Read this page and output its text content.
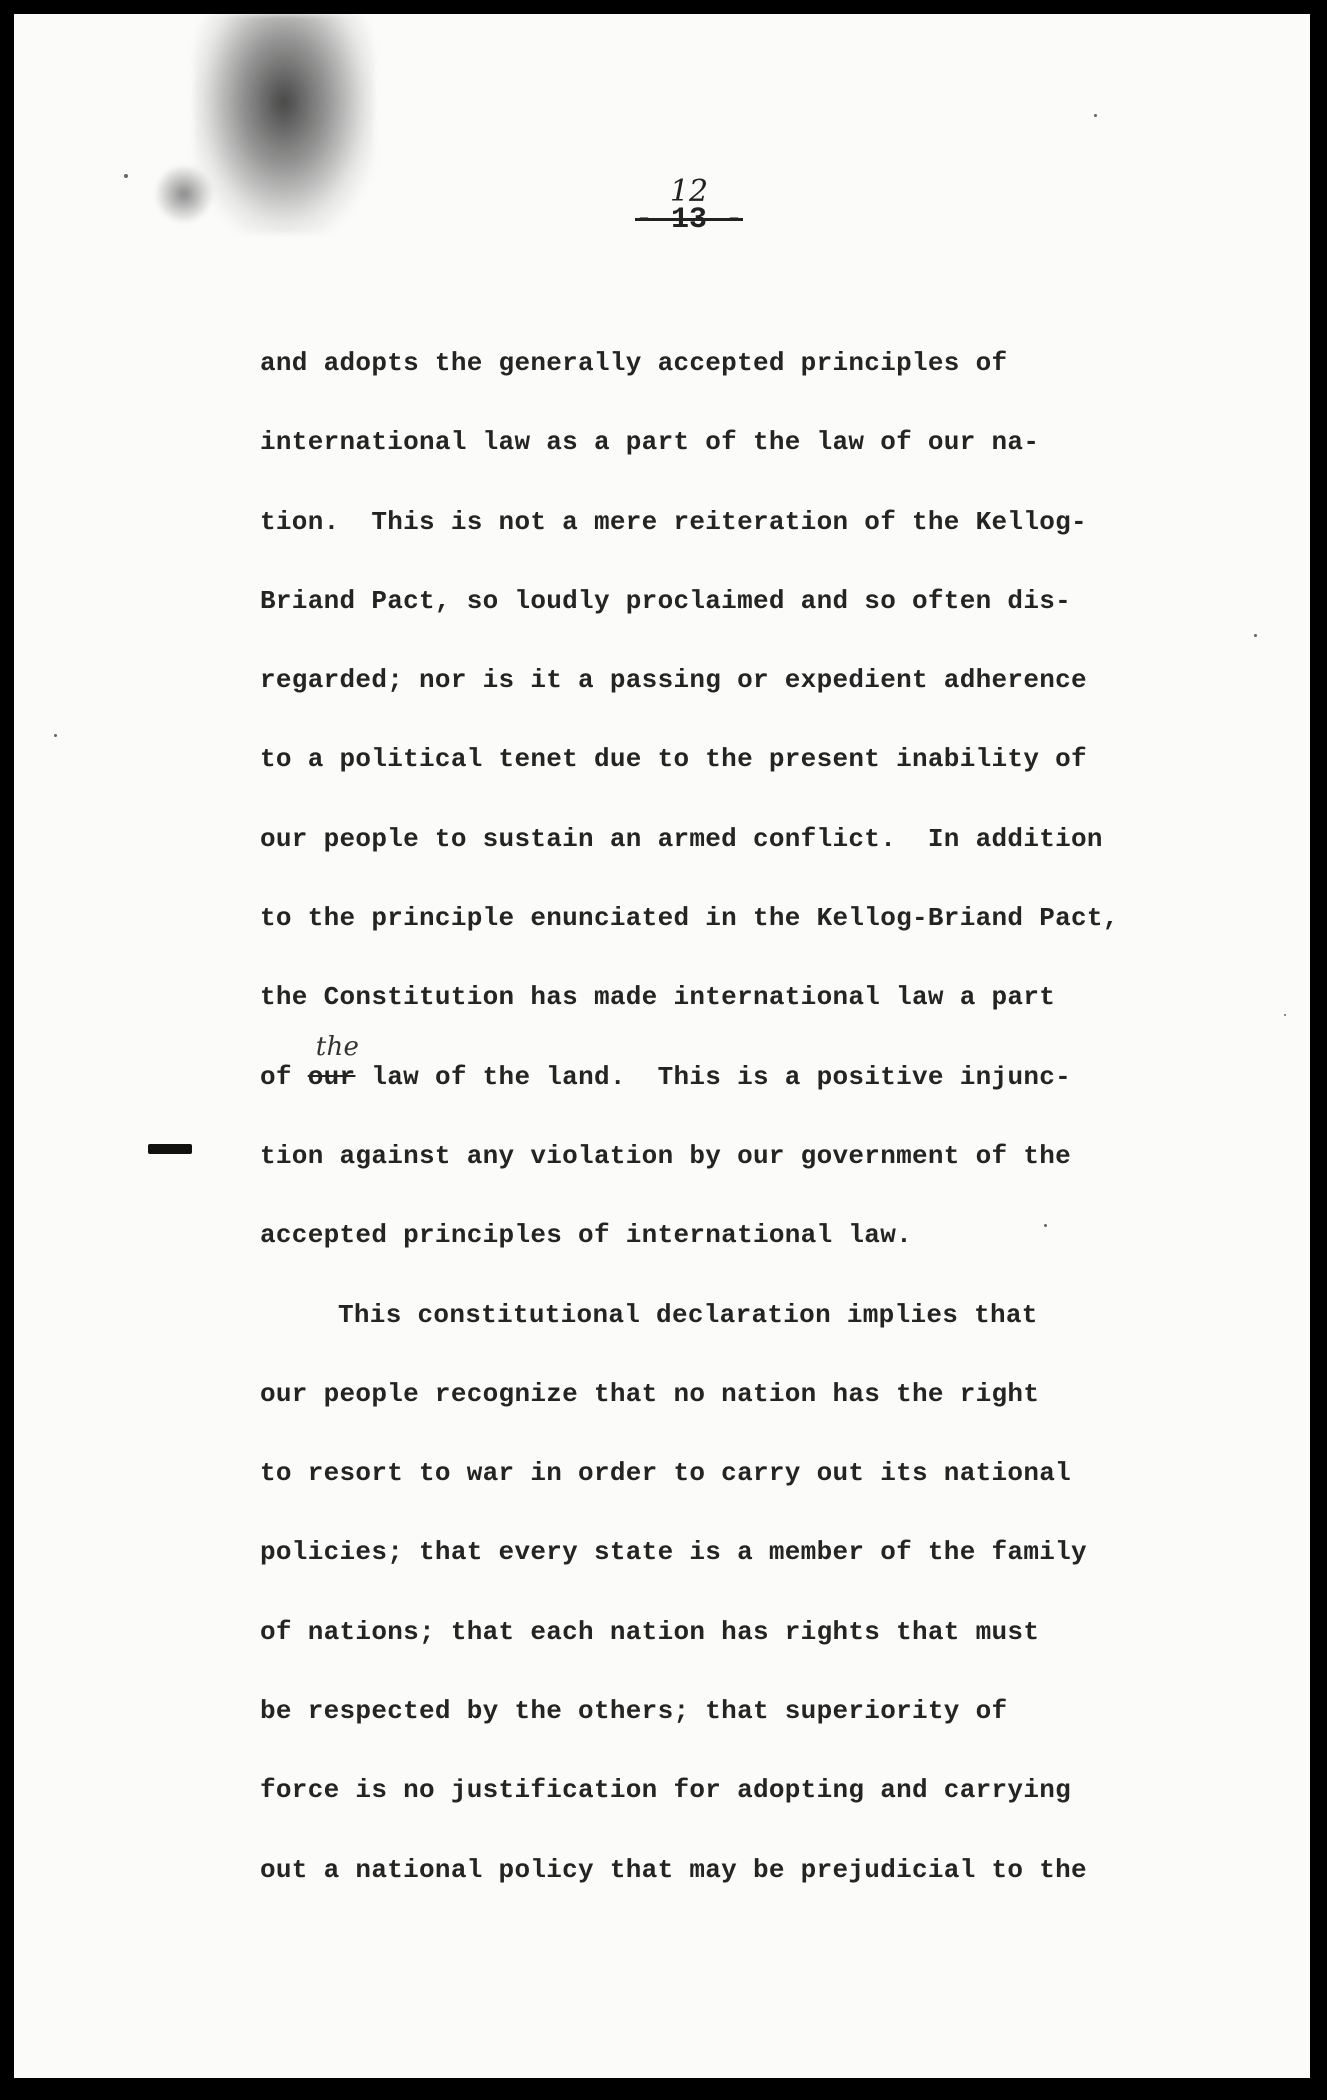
12
- 13 -
and adopts the generally accepted principles of
international law as a part of the law of our na-
tion.  This is not a mere reiteration of the Kellog-
Briand Pact, so loudly proclaimed and so often dis-
regarded; nor is it a passing or expedient adherence
to a political tenet due to the present inability of
our people to sustain an armed conflict.  In addition
to the principle enunciated in the Kellog-Briand Pact,
the Constitution has made international law a part
of our
the
law of the land.  This is a positive injunc-
tion against any violation by our government of the
accepted principles of international law.
This constitutional declaration implies that
our people recognize that no nation has the right
to resort to war in order to carry out its national
policies; that every state is a member of the family
of nations; that each nation has rights that must
be respected by the others; that superiority of
force is no justification for adopting and carrying
out a national policy that may be prejudicial to the
